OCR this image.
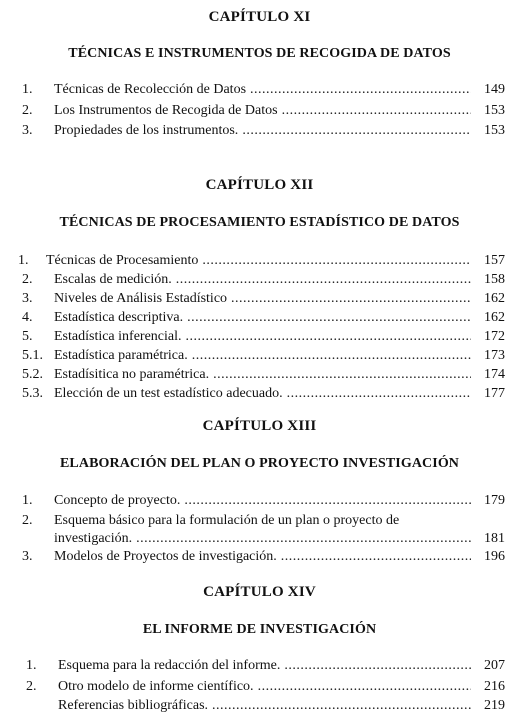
CAPÍTULO XI
TÉCNICAS E INSTRUMENTOS DE RECOGIDA DE DATOS
1. Técnicas de Recolección de Datos .....	149
2. Los Instrumentos de Recogida de Datos .....	153
3. Propiedades de los instrumentos. .....	153
CAPÍTULO XII
TÉCNICAS DE PROCESAMIENTO ESTADÍSTICO DE DATOS
1. Técnicas de Procesamiento .....	157
2. Escalas de medición. .....	158
3. Niveles de Análisis Estadístico .....	162
4. Estadística descriptiva. .....	162
5. Estadística inferencial. .....	172
5.1. Estadística paramétrica. .....	173
5.2. Estadísitica no paramétrica. .....	174
5.3. Elección de un test estadístico adecuado. .....	177
CAPÍTULO XIII
ELABORACIÓN DEL PLAN O PROYECTO INVESTIGACIÓN
1. Concepto de proyecto. .....	179
2. Esquema básico para la formulación de un plan o proyecto de
investigación. .....	181
3. Modelos de Proyectos de investigación. .....	196
CAPÍTULO XIV
EL INFORME DE INVESTIGACIÓN
1. Esquema para la redacción del informe. .....	207
2. Otro modelo de informe científico. .....	216
Referencias bibliográficas. .....	219
